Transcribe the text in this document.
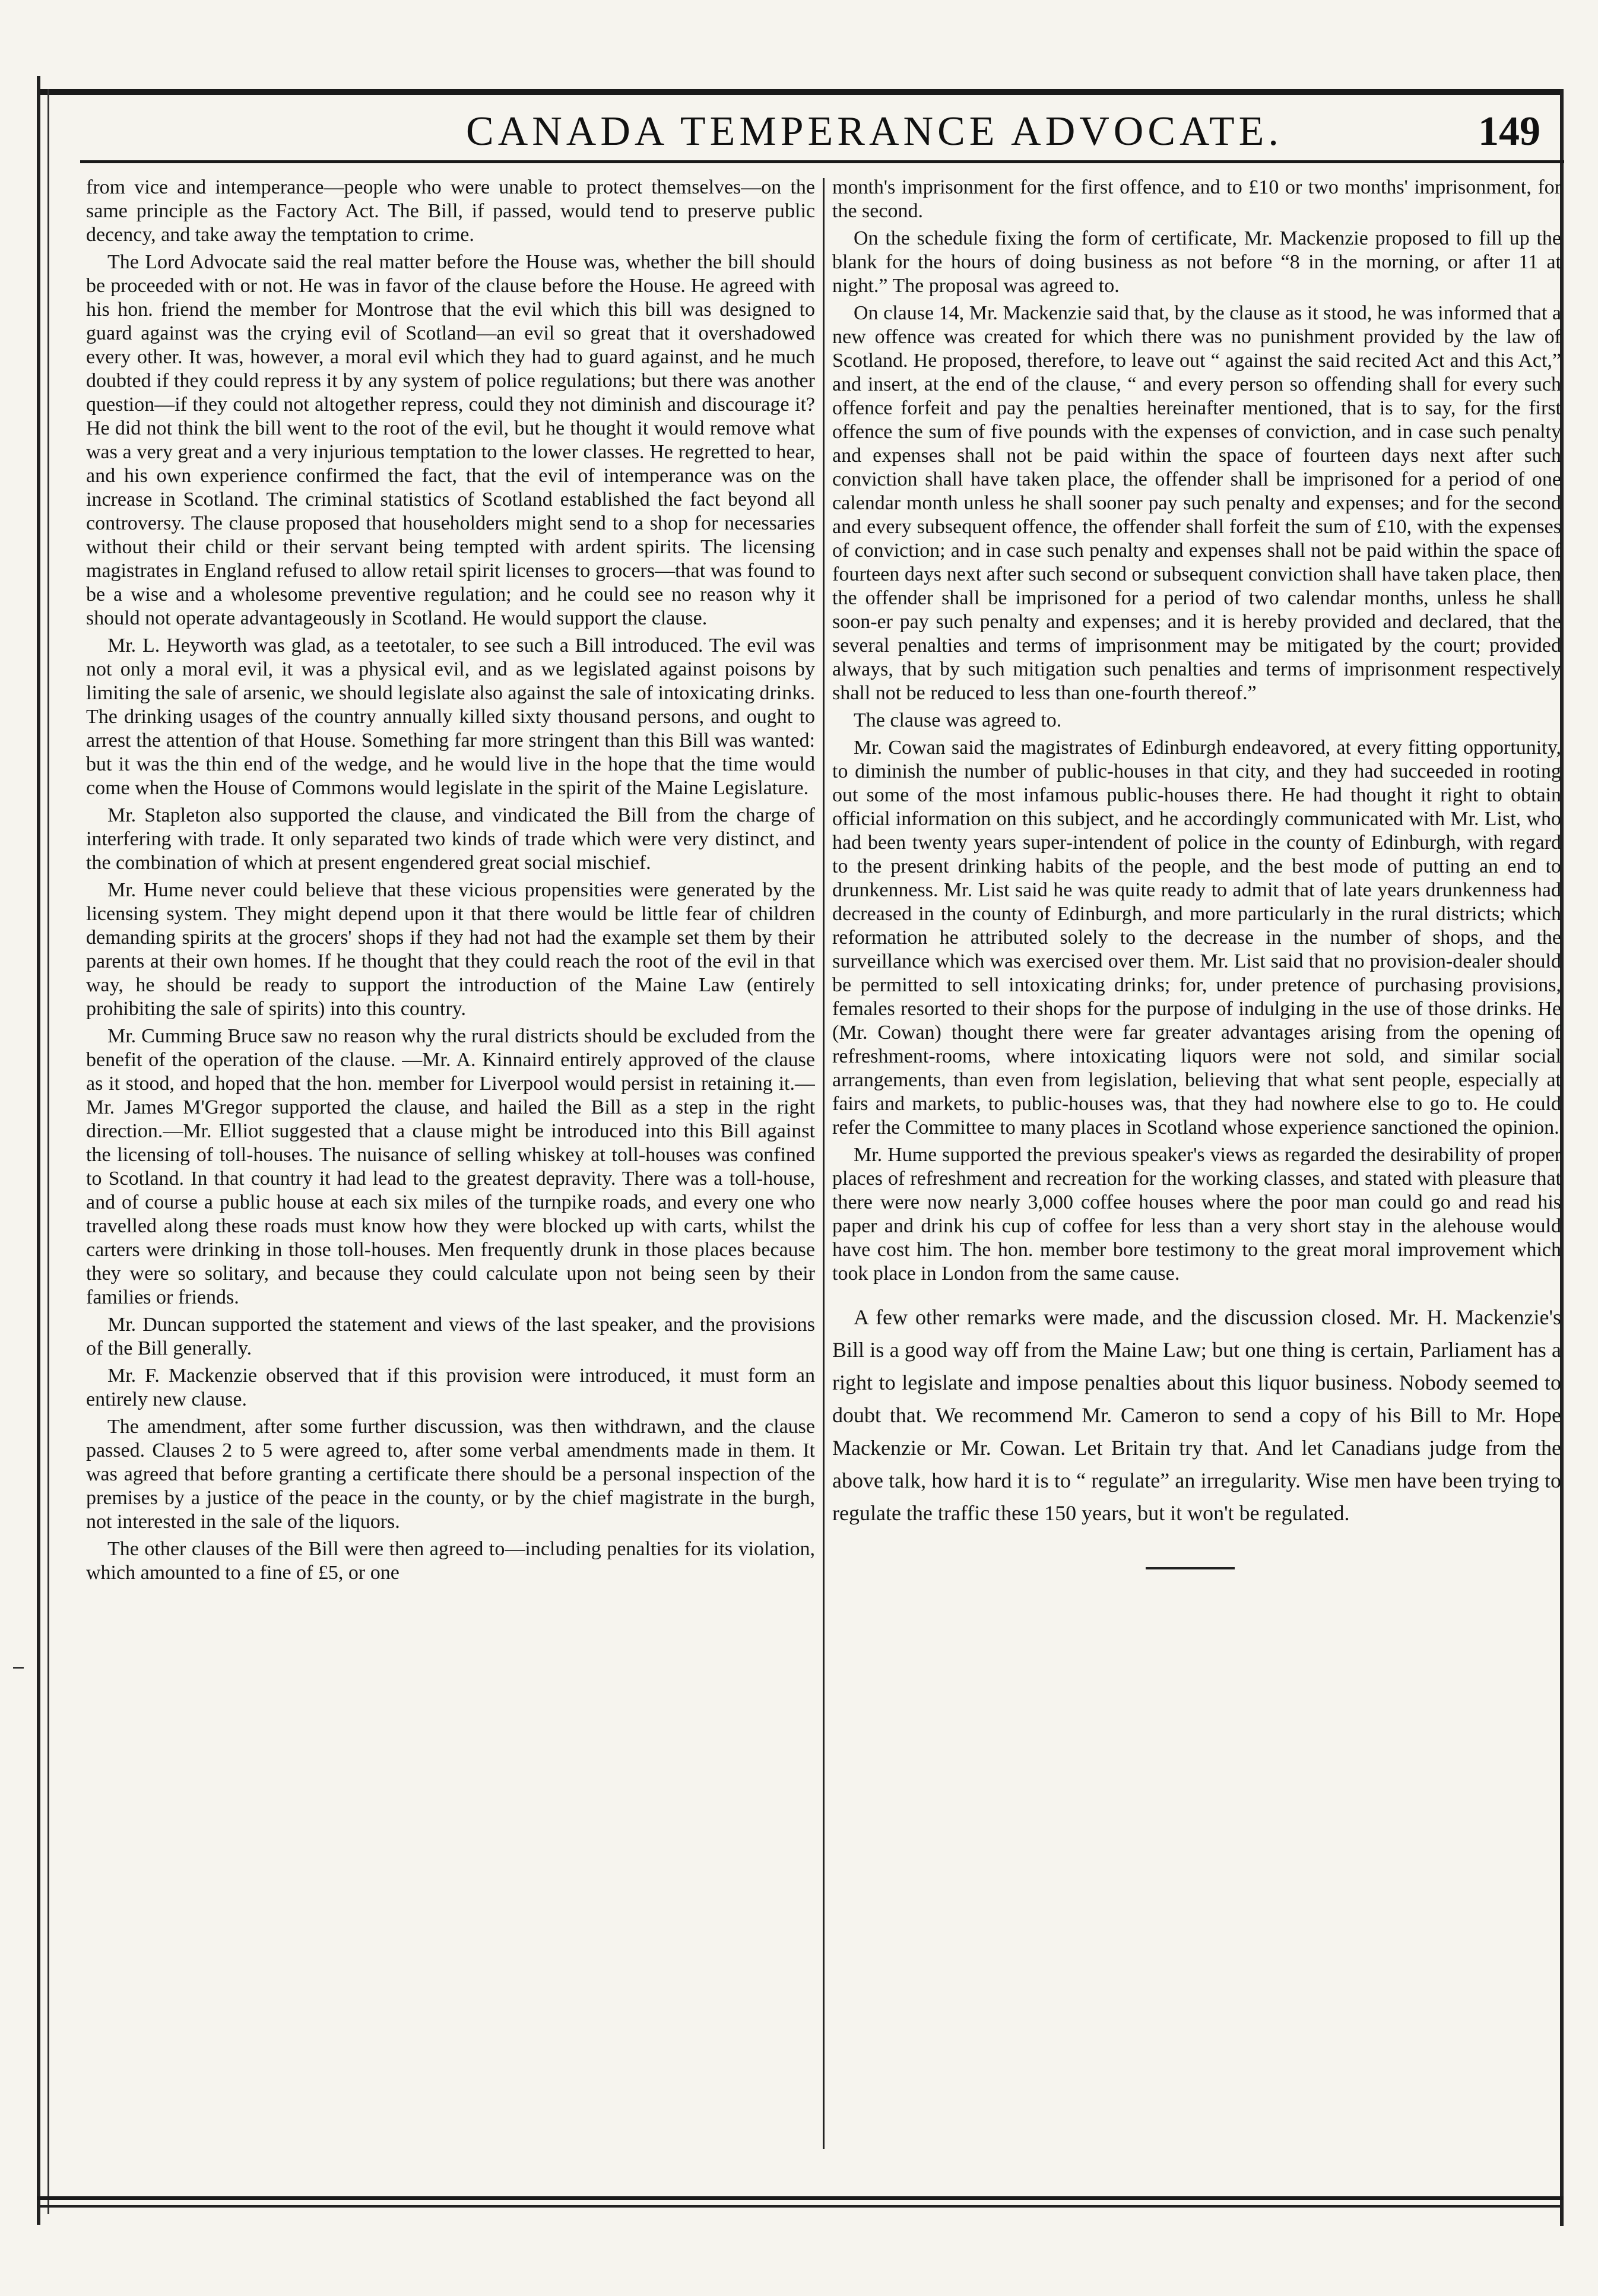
CANADA TEMPERANCE ADVOCATE.	149

from vice and intemperance—people who were unable to protect themselves—on the same principle as the Factory Act. The Bill, if passed, would tend to preserve public decency, and take away the temptation to crime.

The Lord Advocate said the real matter before the House was, whether the bill should be proceeded with or not. He was in favor of the clause before the House. He agreed with his hon. friend the member for Montrose that the evil which this bill was designed to guard against was the crying evil of Scotland—an evil so great that it overshadowed every other. It was, however, a moral evil which they had to guard against, and he much doubted if they could repress it by any system of police regulations; but there was another question—if they could not altogether repress, could they not diminish and discourage it? He did not think the bill went to the root of the evil, but he thought it would remove what was a very great and a very injurious temptation to the lower classes. He regretted to hear, and his own experience confirmed the fact, that the evil of intemperance was on the increase in Scotland. The criminal statistics of Scotland established the fact beyond all controversy. The clause proposed that householders might send to a shop for necessaries without their child or their servant being tempted with ardent spirits. The licensing magistrates in England refused to allow retail spirit licenses to grocers—that was found to be a wise and a wholesome preventive regulation; and he could see no reason why it should not operate advantageously in Scotland. He would support the clause.

Mr. L. Heyworth was glad, as a teetotaler, to see such a Bill introduced. The evil was not only a moral evil, it was a physical evil, and as we legislated against poisons by limiting the sale of arsenic, we should legislate also against the sale of intoxicating drinks. The drinking usages of the country annually killed sixty thousand persons, and ought to arrest the attention of that House. Something far more stringent than this Bill was wanted: but it was the thin end of the wedge, and he would live in the hope that the time would come when the House of Commons would legislate in the spirit of the Maine Legislature.

Mr. Stapleton also supported the clause, and vindicated the Bill from the charge of interfering with trade. It only separated two kinds of trade which were very distinct, and the combination of which at present engendered great social mischief.

Mr. Hume never could believe that these vicious propensities were generated by the licensing system. They might depend upon it that there would be little fear of children demanding spirits at the grocers' shops if they had not had the example set them by their parents at their own homes. If he thought that they could reach the root of the evil in that way, he should be ready to support the introduction of the Maine Law (entirely prohibiting the sale of spirits) into this country.

Mr. Cumming Bruce saw no reason why the rural districts should be excluded from the benefit of the operation of the clause. —Mr. A. Kinnaird entirely approved of the clause as it stood, and hoped that the hon. member for Liverpool would persist in retaining it.—Mr. James M'Gregor supported the clause, and hailed the Bill as a step in the right direction.—Mr. Elliot suggested that a clause might be introduced into this Bill against the licensing of toll-houses. The nuisance of selling whiskey at toll-houses was confined to Scotland. In that country it had lead to the greatest depravity. There was a toll-house, and of course a public house at each six miles of the turnpike roads, and every one who travelled along these roads must know how they were blocked up with carts, whilst the carters were drinking in those toll-houses. Men frequently drunk in those places because they were so solitary, and because they could calculate upon not being seen by their families or friends.

Mr. Duncan supported the statement and views of the last speaker, and the provisions of the Bill generally.

Mr. F. Mackenzie observed that if this provision were introduced, it must form an entirely new clause.

The amendment, after some further discussion, was then withdrawn, and the clause passed. Clauses 2 to 5 were agreed to, after some verbal amendments made in them. It was agreed that before granting a certificate there should be a personal inspection of the premises by a justice of the peace in the county, or by the chief magistrate in the burgh, not interested in the sale of the liquors.

The other clauses of the Bill were then agreed to—including penalties for its violation, which amounted to a fine of £5, or one

month's imprisonment for the first offence, and to £10 or two months' imprisonment, for the second.

On the schedule fixing the form of certificate, Mr. Mackenzie proposed to fill up the blank for the hours of doing business as not before “8 in the morning, or after 11 at night.” The proposal was agreed to.

On clause 14, Mr. Mackenzie said that, by the clause as it stood, he was informed that a new offence was created for which there was no punishment provided by the law of Scotland. He proposed, therefore, to leave out “ against the said recited Act and this Act,” and insert, at the end of the clause, “ and every person so offending shall for every such offence forfeit and pay the penalties hereinafter mentioned, that is to say, for the first offence the sum of five pounds with the expenses of conviction, and in case such penalty and expenses shall not be paid within the space of fourteen days next after such conviction shall have taken place, the offender shall be imprisoned for a period of one calendar month unless he shall sooner pay such penalty and expenses; and for the second and every subsequent offence, the offender shall forfeit the sum of £10, with the expenses of conviction; and in case such penalty and expenses shall not be paid within the space of fourteen days next after such second or subsequent conviction shall have taken place, then the offender shall be imprisoned for a period of two calendar months, unless he shall soon-er pay such penalty and expenses; and it is hereby provided and declared, that the several penalties and terms of imprisonment may be mitigated by the court; provided always, that by such mitigation such penalties and terms of imprisonment respectively shall not be reduced to less than one-fourth thereof.”

The clause was agreed to.

Mr. Cowan said the magistrates of Edinburgh endeavored, at every fitting opportunity, to diminish the number of public-houses in that city, and they had succeeded in rooting out some of the most infamous public-houses there. He had thought it right to obtain official information on this subject, and he accordingly communicated with Mr. List, who had been twenty years super-intendent of police in the county of Edinburgh, with regard to the present drinking habits of the people, and the best mode of putting an end to drunkenness. Mr. List said he was quite ready to admit that of late years drunkenness had decreased in the county of Edinburgh, and more particularly in the rural districts; which reformation he attributed solely to the decrease in the number of shops, and the surveillance which was exercised over them. Mr. List said that no provision-dealer should be permitted to sell intoxicating drinks; for, under pretence of purchasing provisions, females resorted to their shops for the purpose of indulging in the use of those drinks. He (Mr. Cowan) thought there were far greater advantages arising from the opening of refreshment-rooms, where intoxicating liquors were not sold, and similar social arrangements, than even from legislation, believing that what sent people, especially at fairs and markets, to public-houses was, that they had nowhere else to go to. He could refer the Committee to many places in Scotland whose experience sanctioned the opinion.

Mr. Hume supported the previous speaker's views as regarded the desirability of proper places of refreshment and recreation for the working classes, and stated with pleasure that there were now nearly 3,000 coffee houses where the poor man could go and read his paper and drink his cup of coffee for less than a very short stay in the alehouse would have cost him. The hon. member bore testimony to the great moral improvement which took place in London from the same cause.

A few other remarks were made, and the discussion closed. Mr. H. Mackenzie's Bill is a good way off from the Maine Law; but one thing is certain, Parliament has a right to legislate and impose penalties about this liquor business. Nobody seemed to doubt that. We recommend Mr. Cameron to send a copy of his Bill to Mr. Hope Mackenzie or Mr. Cowan. Let Britain try that. And let Canadians judge from the above talk, how hard it is to “ regulate” an irregularity. Wise men have been trying to regulate the traffic these 150 years, but it won't be regulated.
